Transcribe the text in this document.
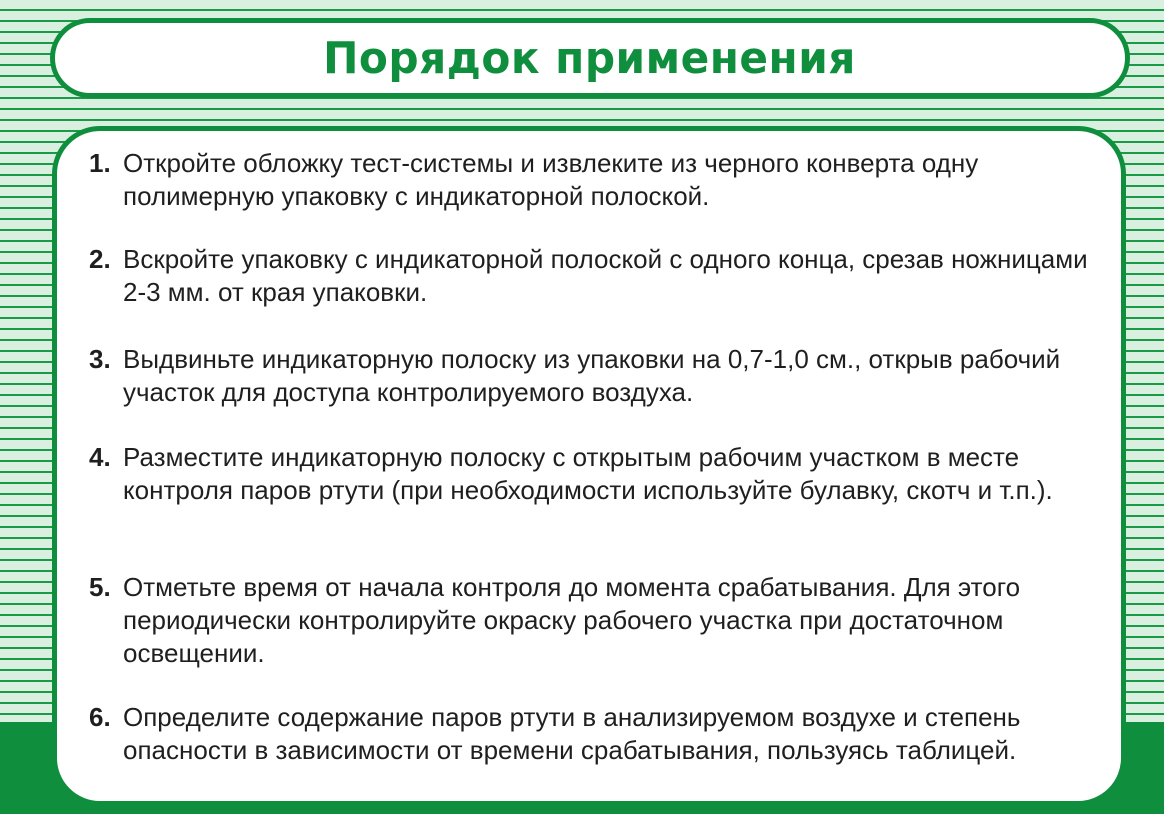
Порядок применения
1. Откройте обложку тест-системы и извлеките из черного конверта одну полимерную упаковку с индикаторной полоской.
2. Вскройте упаковку с индикаторной полоской с одного конца, срезав ножницами 2-3 мм. от края упаковки.
3. Выдвиньте индикаторную полоску из упаковки на 0,7-1,0 см., открыв рабочий участок для доступа контролируемого воздуха.
4. Разместите индикаторную полоску с открытым рабочим участком в месте контроля паров ртути (при необходимости используйте булавку, скотч и т.п.).
5. Отметьте время от начала контроля до момента срабатывания. Для этого периодически контролируйте окраску рабочего участка при достаточном освещении.
6. Определите содержание паров ртути в анализируемом воздухе и степень опасности в зависимости от времени срабатывания, пользуясь таблицей.
